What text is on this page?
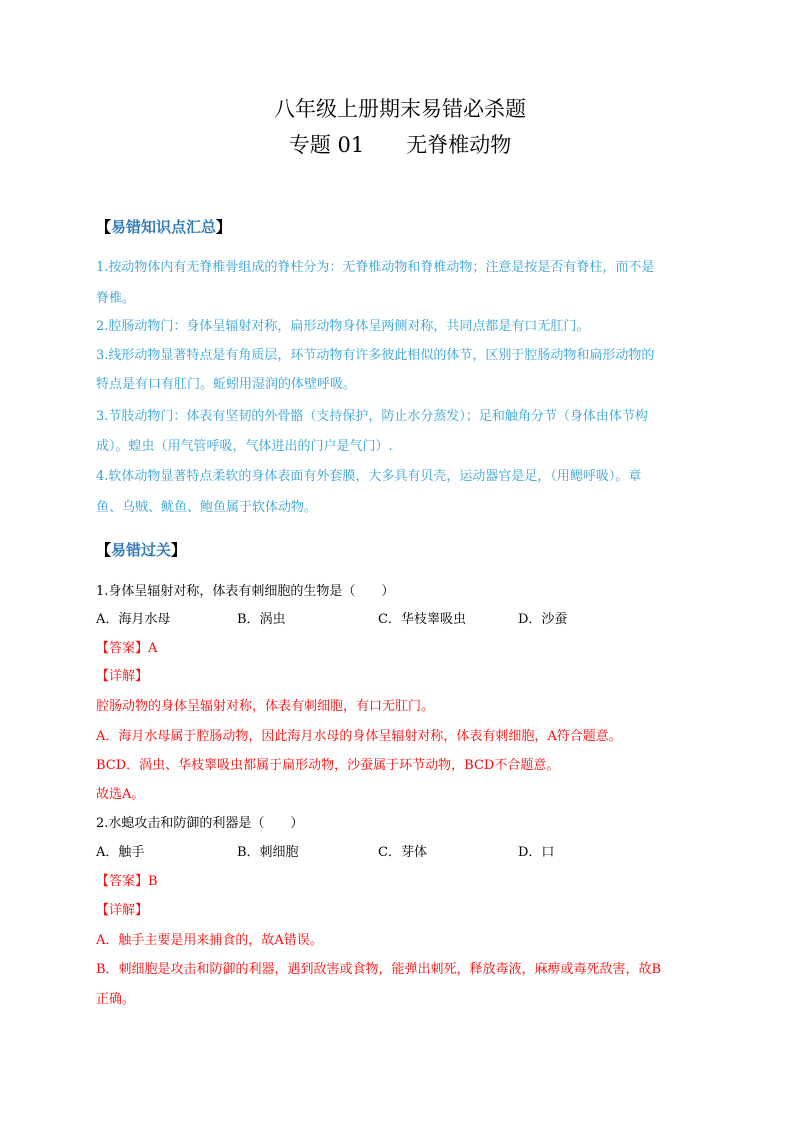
八年级上册期末易错必杀题
专题 01　　无脊椎动物
【易错知识点汇总】
1.按动物体内有无脊椎骨组成的脊柱分为：无脊椎动物和脊椎动物；注意是按是否有脊柱，而不是
脊椎。
2.腔肠动物门：身体呈辐射对称，扁形动物身体呈两侧对称，共同点都是有口无肛门。
3.线形动物显著特点是有角质层，环节动物有许多彼此相似的体节，区别于腔肠动物和扁形动物的
特点是有口有肛门。蚯蚓用湿润的体壁呼吸。
3.节肢动物门：体表有坚韧的外骨骼（支持保护，防止水分蒸发）；足和触角分节（身体由体节构
成）。蝗虫（用气管呼吸，气体进出的门户是气门）.
4.软体动物显著特点柔软的身体表面有外套膜，大多具有贝壳，运动器官是足，（用鳃呼吸）。章
鱼、乌贼、鱿鱼、鲍鱼属于软体动物。
【易错过关】
1.身体呈辐射对称，体表有刺细胞的生物是（　　）
A．海月水母	B．涡虫	C．华枝睾吸虫	D．沙蚕
【答案】A
【详解】
腔肠动物的身体呈辐射对称，体表有刺细胞，有口无肛门。
A．海月水母属于腔肠动物，因此海月水母的身体呈辐射对称，体表有刺细胞，A符合题意。
BCD．涡虫、华枝睾吸虫都属于扁形动物，沙蚕属于环节动物，BCD不合题意。
故选A。
2.水螅攻击和防御的利器是（　　）
A．触手	B．刺细胞	C．芽体	D．口
【答案】B
【详解】
A．触手主要是用来捕食的，故A错误。
B．刺细胞是攻击和防御的利器，遇到敌害或食物，能弹出刺死，释放毒液，麻痹或毒死敌害，故B
正确。
